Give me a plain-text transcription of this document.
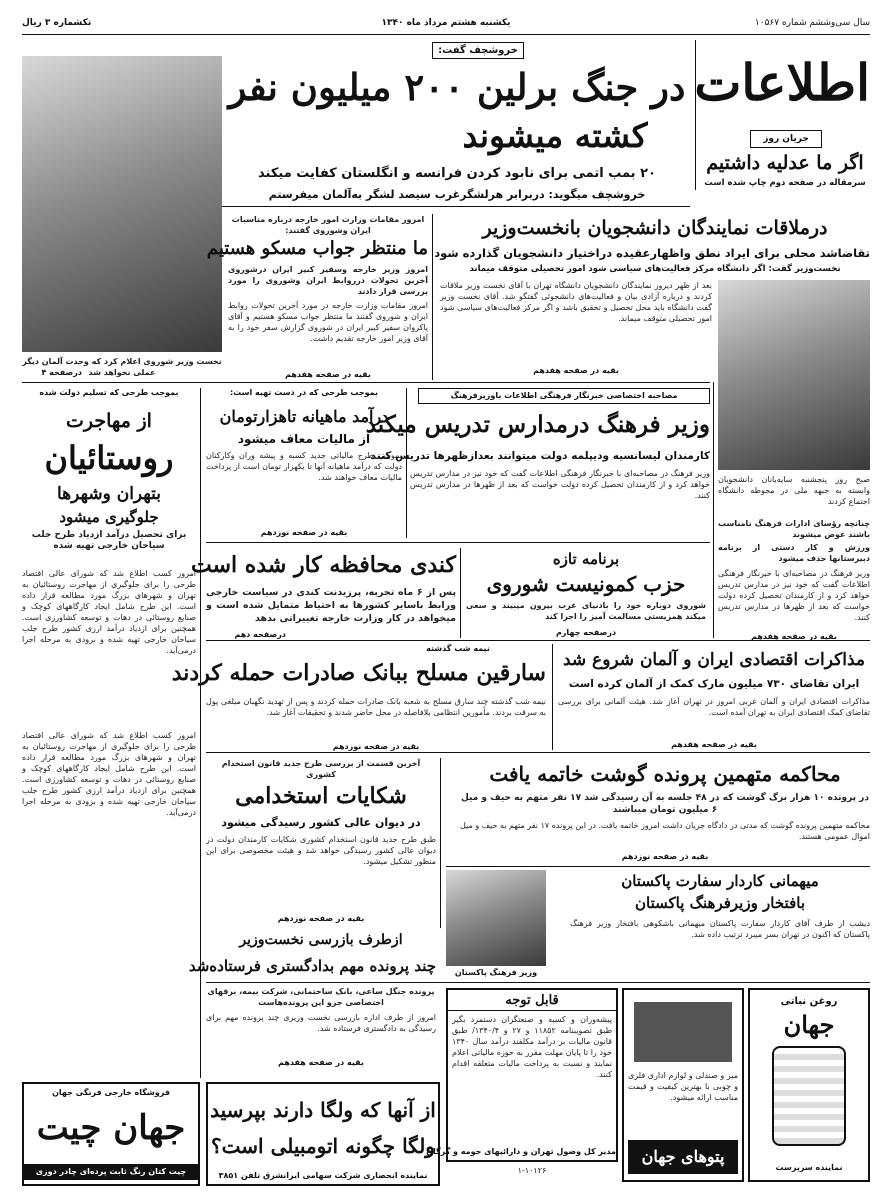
سال سی‌وششم شماره ۱۰۵۶۷
یکشنبه هشتم مرداد ماه ۱۳۴۰
تکشماره ۳ ریال
اطلاعات
جریان روز
اگر ما عدلیه داشتیم
سرمقاله در صفحه دوم چاپ شده است
خروشچف گفت:
در جنگ برلین ۲۰۰ میلیون نفر
کشته میشوند
۲۰ بمب اتمی برای نابود کردن فرانسه و انگلستان کفایت میکند
خروشچف میگوید: دربرابر هرلشگرغرب سیصد لشگر به‌آلمان میفرستم
نخست وزیر شوروی اعلام کرد که وحدت آلمان دیگر عملی نخواهد شد
درصفحه ۴
امروز مقامات وزارت امور خارجه درباره مناسبات ایران وشوروی گفتند:
ما منتظر جواب مسکو هستیم
امروز وزیر خارجه وسفیر کبیر ایران درشوروی آخرین تحولات درروابط ایران وشوروی را مورد بررسی قرار دادند
امروز مقامات وزارت خارجه در مورد آخرین تحولات روابط ایران و شوروی گفتند ما منتظر جواب مسکو هستیم و آقای پاکروان سفیر کبیر ایران در شوروی گزارش سفر خود را به آقای وزیر امور خارجه تقدیم داشت.
بقیه در صفحه هفدهم
درملاقات نمایندگان دانشجویان بانخست‌وزیر
تقاضاشد محلی برای ایراد نطق واظهارعقیده دراختیار دانشجویان گذارده شود
نخست‌وزیر گفت: اگر دانشگاه مرکز فعالیت‌های سیاسی شود امور تحصیلی متوقف میماند
بعد از ظهر دیروز نمایندگان دانشجویان دانشگاه تهران با آقای نخست وزیر ملاقات کردند و درباره آزادی بیان و فعالیت‌های دانشجوئی گفتگو شد. آقای نخست وزیر گفت دانشگاه باید محل تحصیل و تحقیق باشد و اگر مرکز فعالیت‌های سیاسی شود امور تحصیلی متوقف میماند.
بقیه در صفحه هفدهم
بموجب طرحی که تسلیم دولت شده
از مهاجرت
روستائیان
بتهران وشهرها
جلوگیری میشود
برای تحصیل درآمد ازدیاد طرح جلب سیاحان خارجی تهیه شده
امروز کسب اطلاع شد که شورای عالی اقتصاد طرحی را برای جلوگیری از مهاجرت روستائیان به تهران و شهرهای بزرگ مورد مطالعه قرار داده است. این طرح شامل ایجاد کارگاههای کوچک و صنایع روستائی در دهات و توسعه کشاورزی است. همچنین برای ازدیاد درآمد ارزی کشور طرح جلب سیاحان خارجی تهیه شده و بزودی به مرحله اجرا درمی‌آید.
امروز کسب اطلاع شد که شورای عالی اقتصاد طرحی را برای جلوگیری از مهاجرت روستائیان به تهران و شهرهای بزرگ مورد مطالعه قرار داده است. این طرح شامل ایجاد کارگاههای کوچک و صنایع روستائی در دهات و توسعه کشاورزی است. همچنین برای ازدیاد درآمد ارزی کشور طرح جلب سیاحان خارجی تهیه شده و بزودی به مرحله اجرا درمی‌آید.
بموجب طرحی که در دست تهیه است:
درآمد ماهیانه تاهزارتومان
از مالیات معاف میشود
بموجب طرح مالیاتی جدید کسبه و پیشه وران وکارکنان دولت که درآمد ماهیانه آنها تا یکهزار تومان است از پرداخت مالیات معاف خواهند شد.
بقیه در صفحه نوزدهم
مصاحبه اختصاصی خبرنگار فرهنگی اطلاعات باوزیرفرهنگ
وزیر فرهنگ درمدارس تدریس میکند
کارمندان لیسانسیه ودیپلمه دولت میتوانند بعدازظهرها تدریس کنند
وزیر فرهنگ در مصاحبه‌ای با خبرنگار فرهنگی اطلاعات گفت که خود نیز در مدارس تدریس خواهد کرد و از کارمندان تحصیل کرده دولت خواست که بعد از ظهرها در مدارس تدریس کنند.
صبح روز پنجشنبه سایه‌بانان دانشجویان وابسته به جبهه ملی در محوطه دانشگاه اجتماع کردند
چنانچه رؤسای ادارات فرهنگ نامناسب باشند عوض میشوند
ورزش و کار دستی از برنامه دبیرستانها حذف میشود
وزیر فرهنگ در مصاحبه‌ای با خبرنگار فرهنگی اطلاعات گفت که خود نیز در مدارس تدریس خواهد کرد و از کارمندان تحصیل کرده دولت خواست که بعد از ظهرها در مدارس تدریس کنند.
بقیه در صفحه هفدهم
کندی محافظه کار شده است
پس از ۶ ماه تجربه، پرزیدنت کندی در سیاست خارجی ورابط باسایر کشورها به احتیاط متمایل شده است و میخواهد در کار وزارت خارجه تغییراتی بدهد
درصفحه دهم
برنامه تازه
حزب کمونیست شوروی
شوروی دوباره خود را بادنیای غرب بیرون میبیند و سعی میکند همزیستی مسالمت آمیز را اجرا کند
درصفحه چهارم
نیمه شب گذشته
سارقین مسلح ببانک صادرات حمله کردند
نیمه شب گذشته چند سارق مسلح به شعبه بانک صادرات حمله کردند و پس از تهدید نگهبان مبلغی پول به سرقت بردند. مأمورین انتظامی بلافاصله در محل حاضر شدند و تحقیقات آغاز شد.
بقیه در صفحه نوزدهم
مذاکرات اقتصادی ایران و آلمان شروع شد
ایران تقاضای ۷۳۰ میلیون مارک کمک از آلمان کرده است
مذاکرات اقتصادی ایران و آلمان غربی امروز در تهران آغاز شد. هیئت آلمانی برای بررسی تقاضای کمک اقتصادی ایران به تهران آمده است.
بقیه در صفحه هفدهم
آخرین قسمت از بررسی طرح جدید قانون استخدام کشوری
شکایات استخدامی
در دیوان عالی کشور رسیدگی میشود
طبق طرح جدید قانون استخدام کشوری شکایات کارمندان دولت در دیوان عالی کشور رسیدگی خواهد شد و هیئت مخصوصی برای این منظور تشکیل میشود.
بقیه در صفحه نوزدهم
محاکمه متهمین پرونده گوشت خاتمه یافت
در پرونده ۱۰ هزار برگ گوشت که در ۴۸ جلسه به آن رسیدگی شد ۱۷ نفر متهم به حیف و میل ۶ میلیون تومان میباشند
محاکمه متهمین پرونده گوشت که مدتی در دادگاه جریان داشت امروز خاتمه یافت. در این پرونده ۱۷ نفر متهم به حیف و میل اموال عمومی هستند.
بقیه در صفحه نوزدهم
میهمانی کاردار سفارت پاکستان
بافتخار وزیرفرهنگ پاکستان
دیشب از طرف آقای کاردار سفارت پاکستان میهمانی باشکوهی بافتخار وزیر فرهنگ پاکستان که اکنون در تهران بسر میبرد ترتیب داده شد.
وزیر فرهنگ پاکستان
ازطرف بازرسی نخست‌وزیر
چند پرونده مهم بدادگستری فرستاده‌شد
پرونده جنگل ساعی، بانک ساختمانی، شرکت بیمه، برقهای اختصاصی جزو این پرونده‌هاست
امروز از طرف اداره بازرسی نخست وزیری چند پرونده مهم برای رسیدگی به دادگستری فرستاده شد.
بقیه در صفحه هفدهم
فروشگاه خارجی فرنگی جهان
جهان چیت
چیت کتان رنگ ثابت پرده‌ای چادر دوزی
از آنها که ولگا دارند بپرسید
ولگا چگونه اتومبیلی است؟
نماینده انحصاری شرکت سهامی ایرانشرق تلفن ۳۸۵۱
قابل توجه
پیشه‌وران و کسبه و صنعتگران دستمزد بگیر طبق تصویبنامه ۱۱۸۵۲ و ۲۷ و ۱۳۴۰/۴/ طبق قانون مالیات بر درآمد مکلفند درآمد سال ۱۳۴۰ خود را تا پایان مهلت مقرر به حوزه مالیاتی اعلام نمایند و نسبت به پرداخت مالیات متعلقه اقدام کنند.
مدیر کل وصول تهران و دارائیهای حومه و گرگان
۱-۱۰۱۲۶
میز و صندلی و لوازم اداری فلزی و چوبی با بهترین کیفیت و قیمت مناسب ارائه میشود.
پتوهای جهان
روغن نباتی
جهان
نماینده سرپرست
